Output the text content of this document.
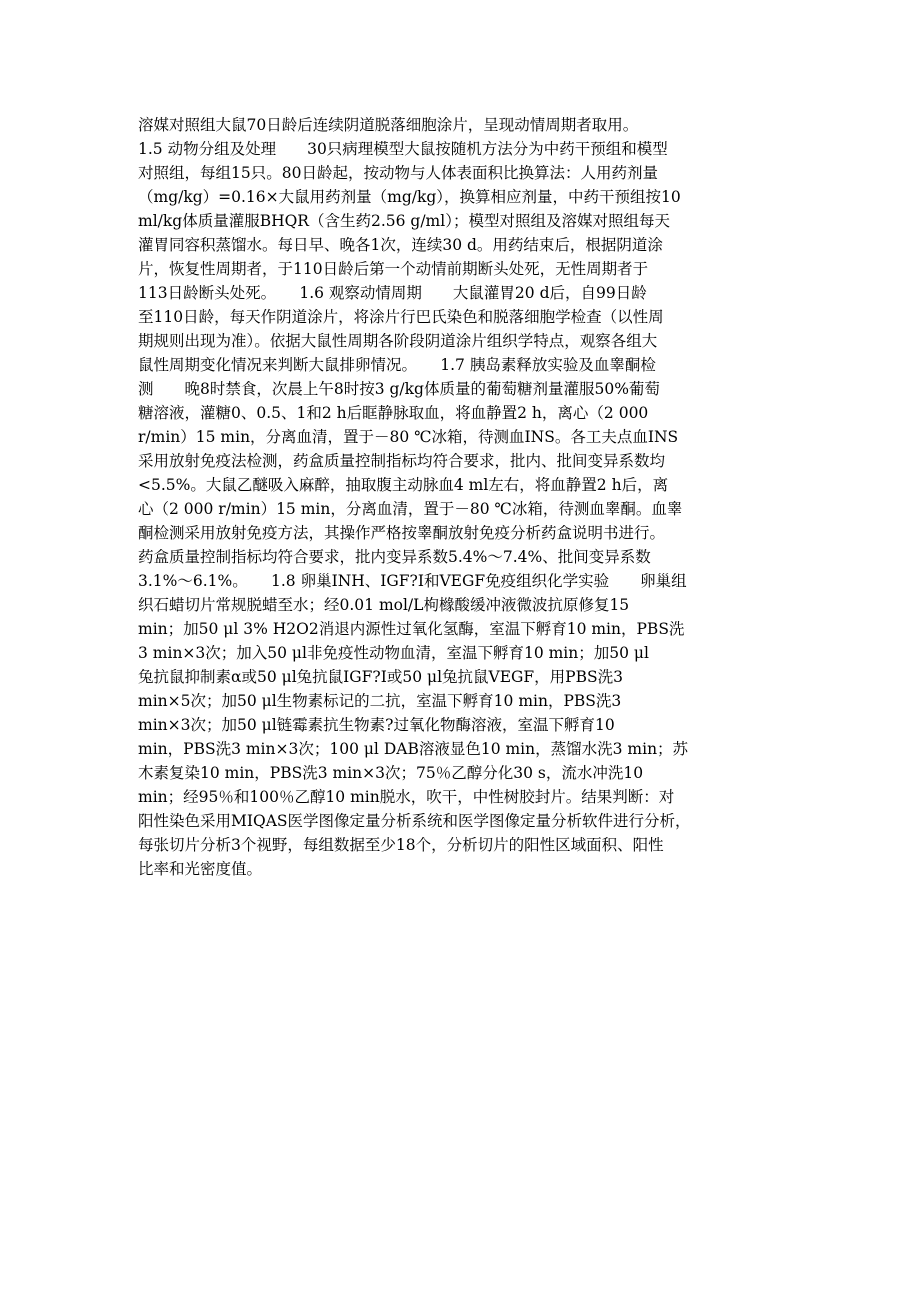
溶媒对照组大鼠70日龄后连续阴道脱落细胞涂片，呈现动情周期者取用。
1.5 动物分组及处理　　30只病理模型大鼠按随机方法分为中药干预组和模型
对照组，每组15只。80日龄起，按动物与人体表面积比换算法：人用药剂量
（mg/kg）=0.16×大鼠用药剂量（mg/kg），换算相应剂量，中药干预组按10
ml/kg体质量灌服BHQR（含生药2.56 g/ml）；模型对照组及溶媒对照组每天
灌胃同容积蒸馏水。每日早、晚各1次，连续30 d。用药结束后，根据阴道涂
片，恢复性周期者，于110日龄后第一个动情前期断头处死，无性周期者于
113日龄断头处死。　　1.6 观察动情周期　　大鼠灌胃20 d后，自99日龄
至110日龄，每天作阴道涂片，将涂片行巴氏染色和脱落细胞学检查（以性周
期规则出现为准）。依据大鼠性周期各阶段阴道涂片组织学特点，观察各组大
鼠性周期变化情况来判断大鼠排卵情况。　　1.7 胰岛素释放实验及血睾酮检
测　　晚8时禁食，次晨上午8时按3 g/kg体质量的葡萄糖剂量灌服50%葡萄
糖溶液，灌糖0、0.5、1和2 h后眶静脉取血，将血静置2 h，离心（2 000
r/min）15 min，分离血清，置于－80 ℃冰箱，待测血INS。各工夫点血INS
采用放射免疫法检测，药盒质量控制指标均符合要求，批内、批间变异系数均
<5.5%。大鼠乙醚吸入麻醉，抽取腹主动脉血4 ml左右，将血静置2 h后，离
心（2 000 r/min）15 min，分离血清，置于－80 ℃冰箱，待测血睾酮。血睾
酮检测采用放射免疫方法，其操作严格按睾酮放射免疫分析药盒说明书进行。
药盒质量控制指标均符合要求，批内变异系数5.4%～7.4%、批间变异系数
3.1%～6.1%。　　1.8 卵巢INH、IGF?Ⅰ和VEGF免疫组织化学实验　　卵巢组
织石蜡切片常规脱蜡至水；经0.01 mol/L枸橼酸缓冲液微波抗原修复15
min；加50 μl 3% H2O2消退内源性过氧化氢酶，室温下孵育10 min，PBS洗
3 min×3次；加入50 μl非免疫性动物血清，室温下孵育10 min；加50 μl
兔抗鼠抑制素α或50 μl兔抗鼠IGF?Ⅰ或50 μl兔抗鼠VEGF，用PBS洗3
min×5次；加50 μl生物素标记的二抗，室温下孵育10 min，PBS洗3
min×3次；加50 μl链霉素抗生物素?过氧化物酶溶液，室温下孵育10
min，PBS洗3 min×3次；100 μl DAB溶液显色10 min，蒸馏水洗3 min；苏
木素复染10 min，PBS洗3 min×3次；75％乙醇分化30 s，流水冲洗10
min；经95％和100％乙醇10 min脱水，吹干，中性树胶封片。结果判断：对
阳性染色采用MIQAS医学图像定量分析系统和医学图像定量分析软件进行分析，
每张切片分析3个视野，每组数据至少18个，分析切片的阳性区域面积、阳性
比率和光密度值。
